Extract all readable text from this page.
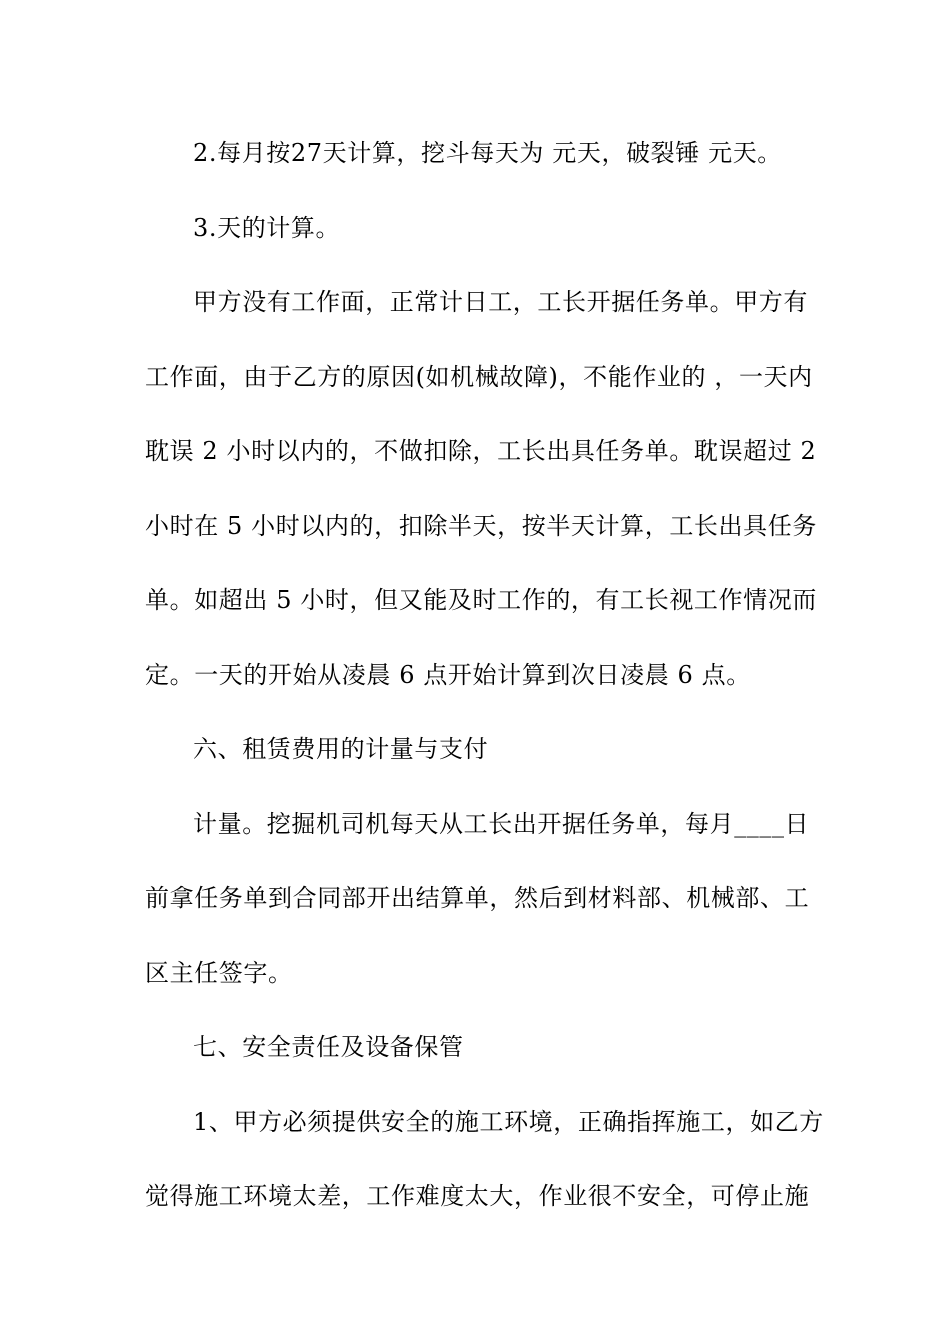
2.每月按27天计算，挖斗每天为 元天，破裂锤 元天。
3.天的计算。
甲方没有工作面，正常计日工，工长开据任务单。甲方有
工作面，由于乙方的原因(如机械故障)，不能作业的 ，一天内
耽误 2 小时以内的，不做扣除，工长出具任务单。耽误超过 2
小时在 5 小时以内的，扣除半天，按半天计算，工长出具任务
单。如超出 5 小时，但又能及时工作的，有工长视工作情况而
定。一天的开始从凌晨 6 点开始计算到次日凌晨 6 点。
六、租赁费用的计量与支付
计量。挖掘机司机每天从工长出开据任务单，每月____日
前拿任务单到合同部开出结算单，然后到材料部、机械部、工
区主任签字。
七、安全责任及设备保管
1、甲方必须提供安全的施工环境，正确指挥施工，如乙方
觉得施工环境太差，工作难度太大，作业很不安全，可停止施
